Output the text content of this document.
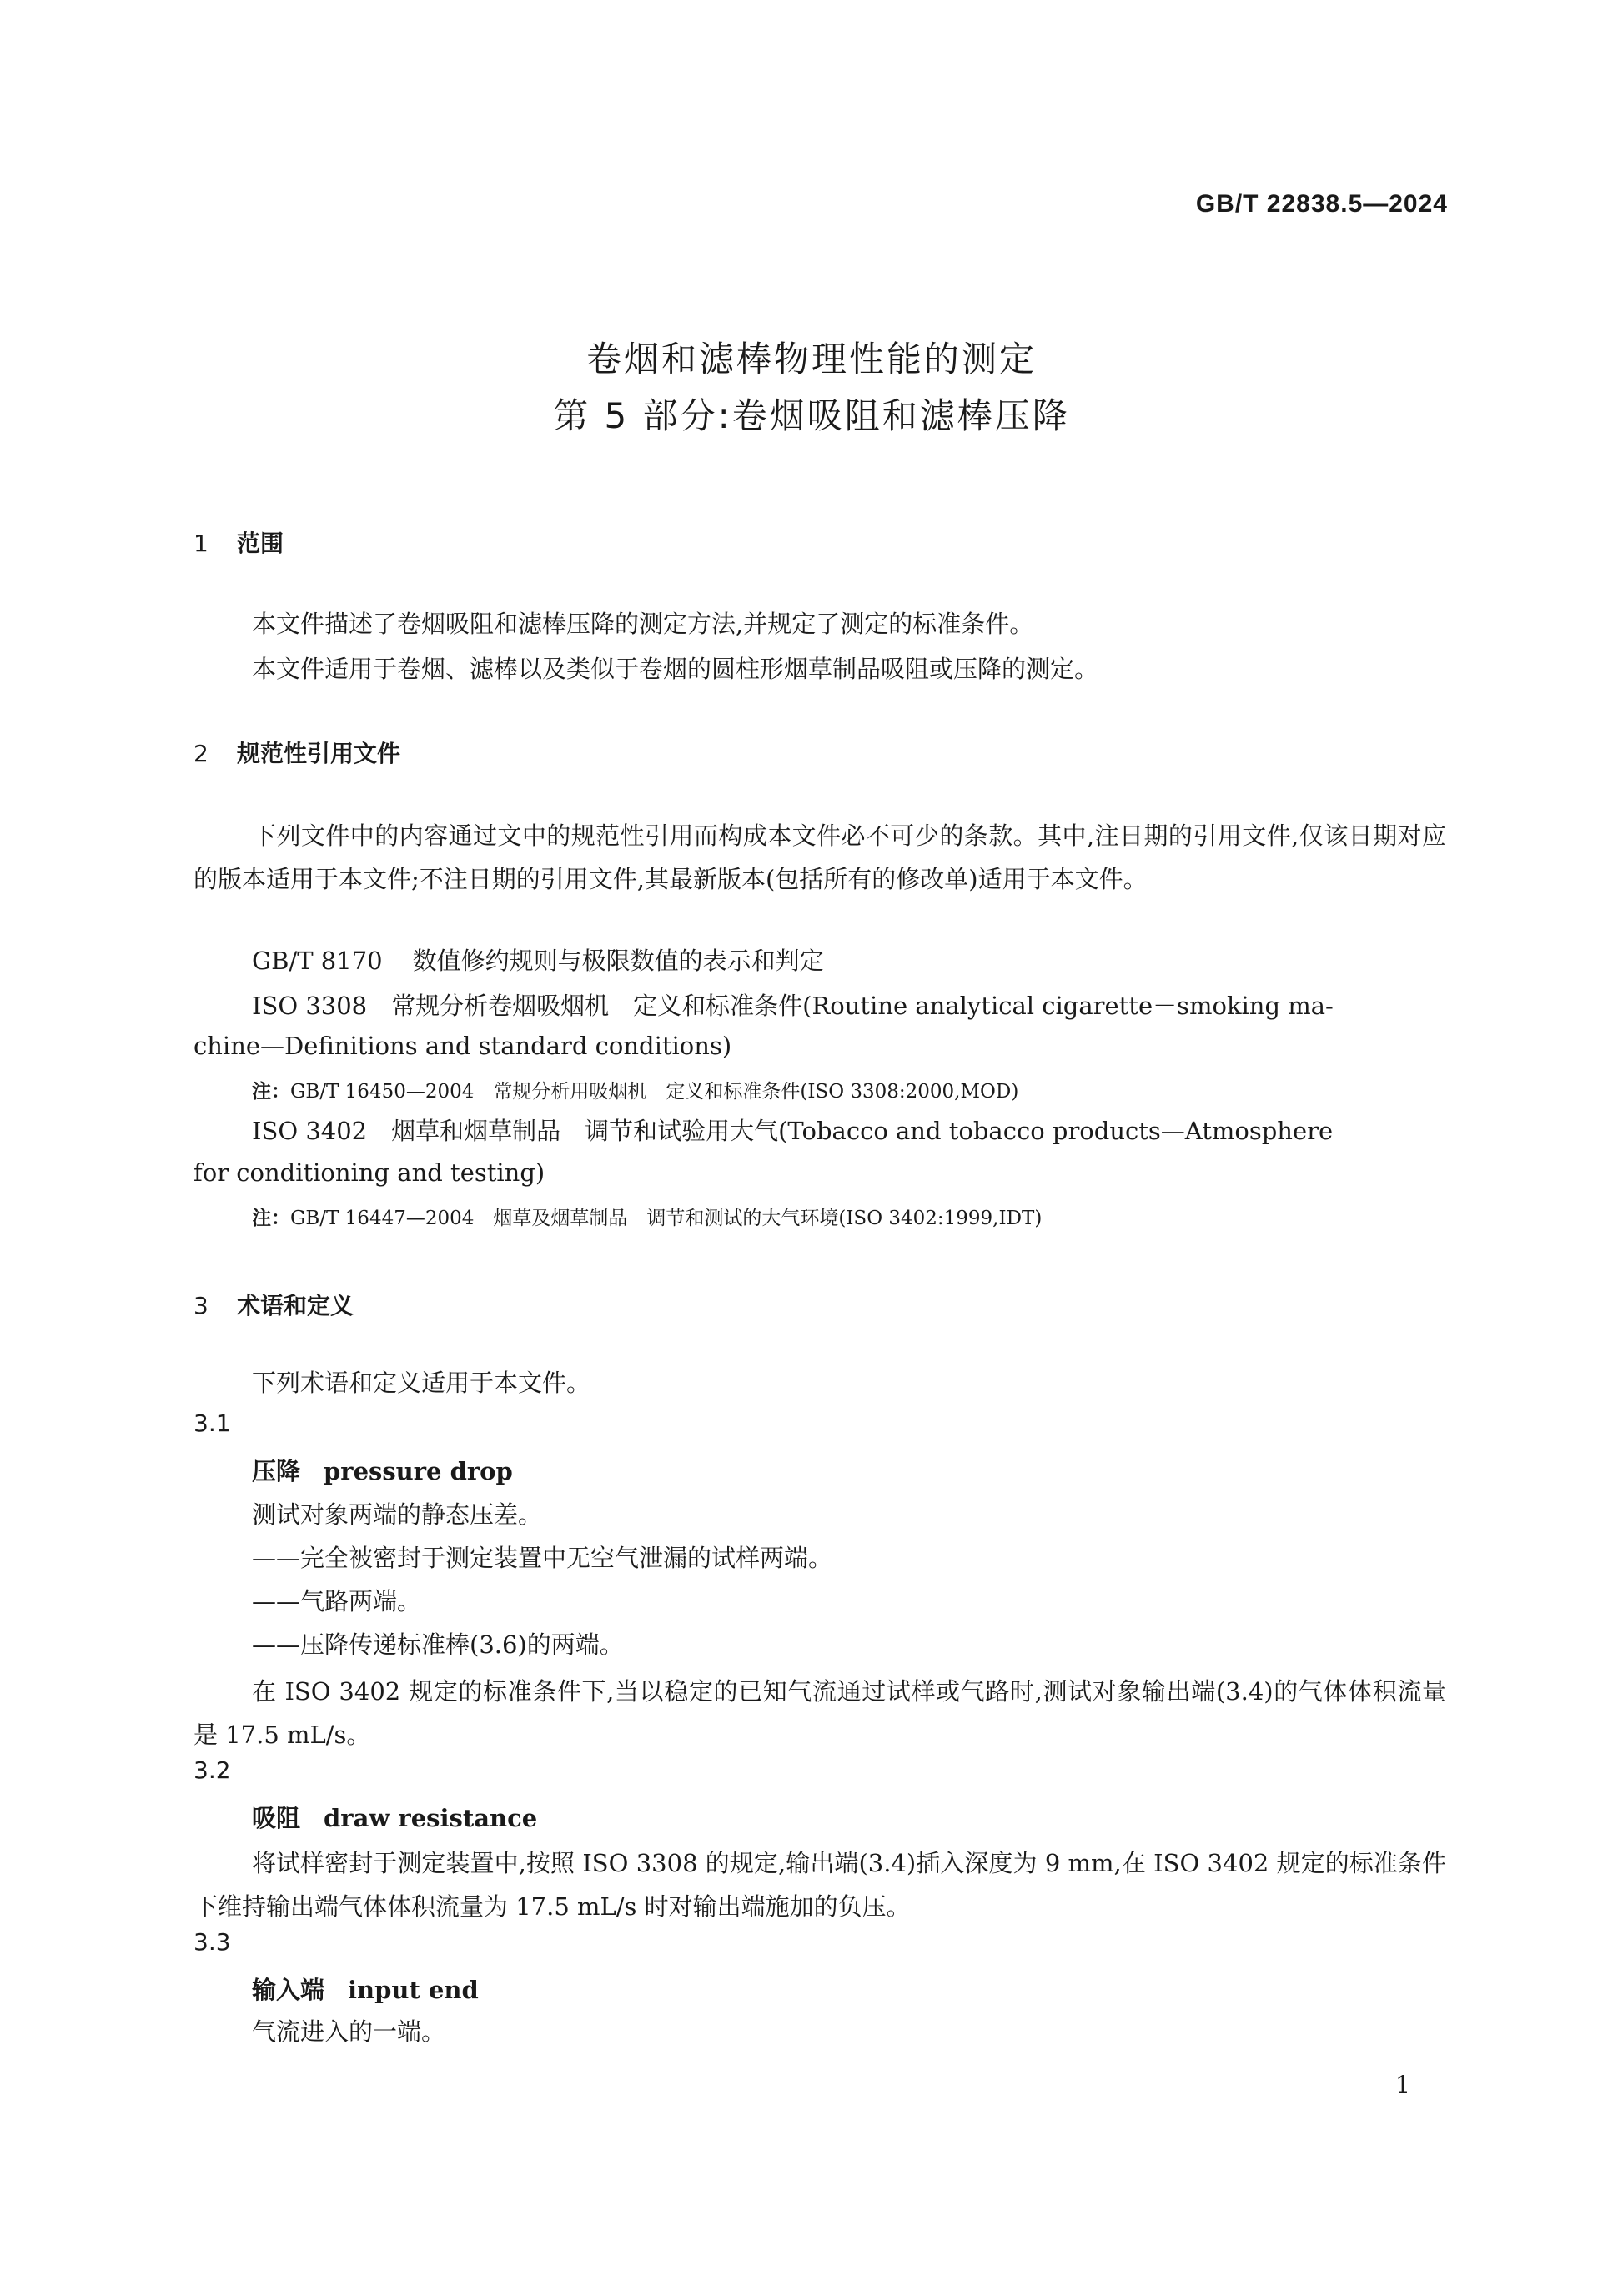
GB/T 22838.5—2024
卷烟和滤棒物理性能的测定
第 5 部分:卷烟吸阻和滤棒压降
1 范围
本文件描述了卷烟吸阻和滤棒压降的测定方法,并规定了测定的标准条件。
本文件适用于卷烟、滤棒以及类似于卷烟的圆柱形烟草制品吸阻或压降的测定。
2 规范性引用文件
下列文件中的内容通过文中的规范性引用而构成本文件必不可少的条款。其中,注日期的引用文件,仅该日期对应的版本适用于本文件;不注日期的引用文件,其最新版本(包括所有的修改单)适用于本文件。
GB/T 8170 数值修约规则与极限数值的表示和判定
ISO 3308　常规分析卷烟吸烟机　定义和标准条件(Routine analytical cigarette－smoking ma-
chine—Definitions and standard conditions)
注：GB/T 16450—2004　常规分析用吸烟机　定义和标准条件(ISO 3308:2000,MOD)
ISO 3402　烟草和烟草制品　调节和试验用大气(Tobacco and tobacco products—Atmosphere
for conditioning and testing)
注：GB/T 16447—2004　烟草及烟草制品　调节和测试的大气环境(ISO 3402:1999,IDT)
3 术语和定义
下列术语和定义适用于本文件。
3.1
压降 pressure drop
测试对象两端的静态压差。
——完全被密封于测定装置中无空气泄漏的试样两端。
——气路两端。
——压降传递标准棒(3.6)的两端。
在 ISO 3402 规定的标准条件下,当以稳定的已知气流通过试样或气路时,测试对象输出端(3.4)的气体体积流量是 17.5 mL/s。
3.2
吸阻 draw resistance
将试样密封于测定装置中,按照 ISO 3308 的规定,输出端(3.4)插入深度为 9 mm,在 ISO 3402 规定的标准条件下维持输出端气体体积流量为 17.5 mL/s 时对输出端施加的负压。
3.3
输入端 input end
气流进入的一端。
1
